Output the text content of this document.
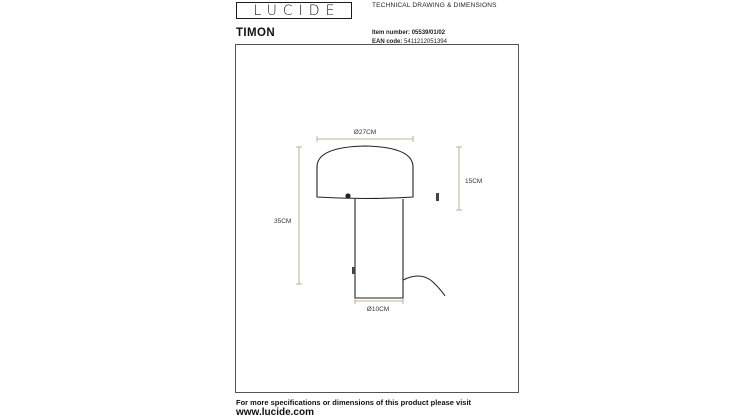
LUCIDE	TECHNICAL DRAWING & DIMENSIONS
TIMON	Item number: 05539/01/02
EAN code: 5411212051394
Ø27CM
15CM
35CM
Ø10CM
For more specifications or dimensions of this product please visit
www.lucide.com
